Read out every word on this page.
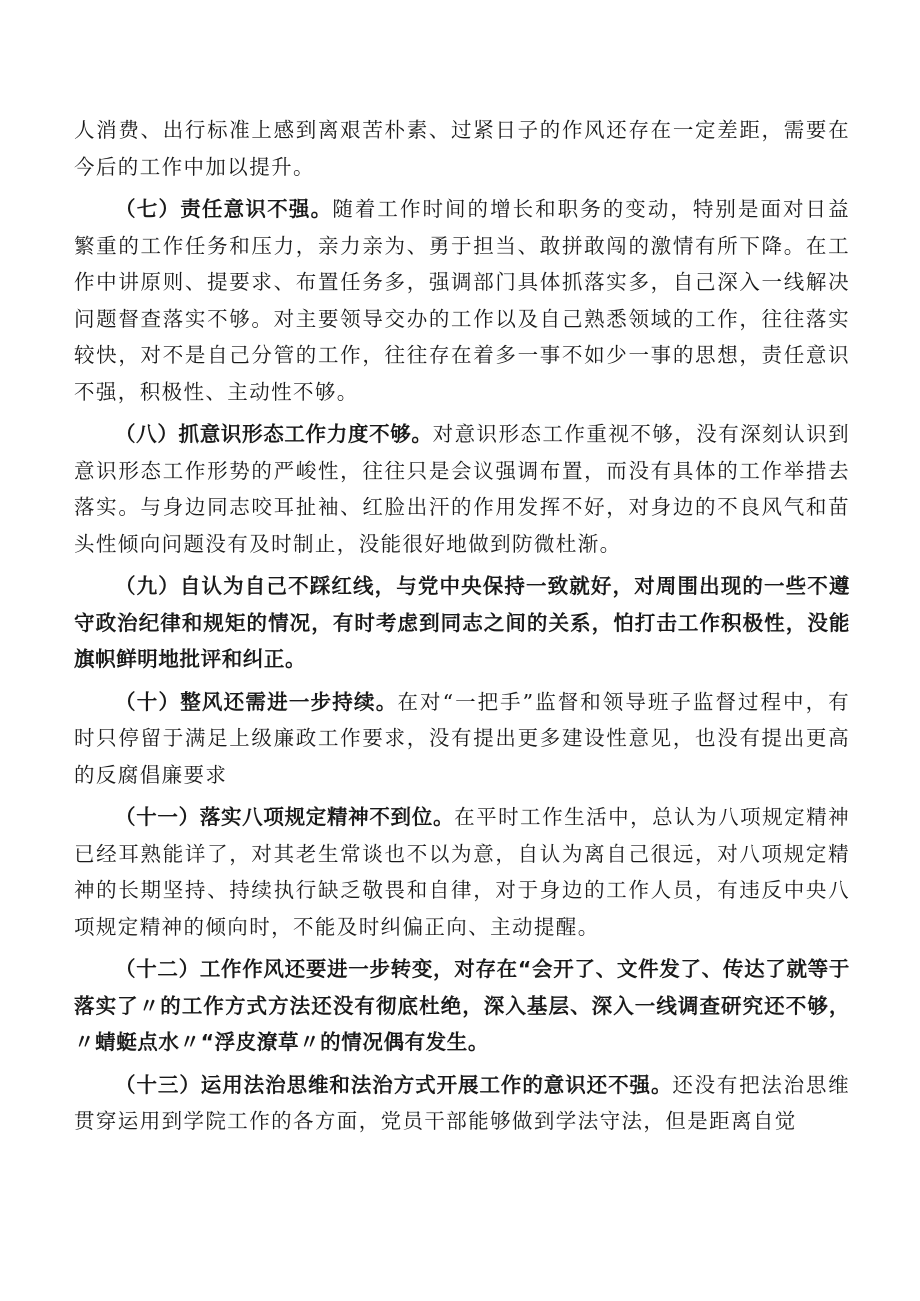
人消费、出行标准上感到离艰苦朴素、过紧日子的作风还存在一定差距，需要在今后的工作中加以提升。

（七）责任意识不强。随着工作时间的增长和职务的变动，特别是面对日益繁重的工作任务和压力，亲力亲为、勇于担当、敢拼敢闯的激情有所下降。在工作中讲原则、提要求、布置任务多，强调部门具体抓落实多，自己深入一线解决问题督查落实不够。对主要领导交办的工作以及自己熟悉领域的工作，往往落实较快，对不是自己分管的工作，往往存在着多一事不如少一事的思想，责任意识不强，积极性、主动性不够。

（八）抓意识形态工作力度不够。对意识形态工作重视不够，没有深刻认识到意识形态工作形势的严峻性，往往只是会议强调布置，而没有具体的工作举措去落实。与身边同志咬耳扯袖、红脸出汗的作用发挥不好，对身边的不良风气和苗头性倾向问题没有及时制止，没能很好地做到防微杜渐。

（九）自认为自己不踩红线，与党中央保持一致就好，对周围出现的一些不遵守政治纪律和规矩的情况，有时考虑到同志之间的关系，怕打击工作积极性，没能旗帜鲜明地批评和纠正。

（十）整风还需进一步持续。在对“一把手”监督和领导班子监督过程中，有时只停留于满足上级廉政工作要求，没有提出更多建设性意见，也没有提出更高的反腐倡廉要求

（十一）落实八项规定精神不到位。在平时工作生活中，总认为八项规定精神已经耳熟能详了，对其老生常谈也不以为意，自认为离自己很远，对八项规定精神的长期坚持、持续执行缺乏敬畏和自律，对于身边的工作人员，有违反中央八项规定精神的倾向时，不能及时纠偏正向、主动提醒。

（十二）工作作风还要进一步转变，对存在“会开了、文件发了、传达了就等于落实了〃的工作方式方法还没有彻底杜绝，深入基层、深入一线调查研究还不够，〃蜻蜓点水〃“浮皮潦草〃的情况偶有发生。

（十三）运用法治思维和法治方式开展工作的意识还不强。还没有把法治思维贯穿运用到学院工作的各方面，党员干部能够做到学法守法，但是距离自觉
